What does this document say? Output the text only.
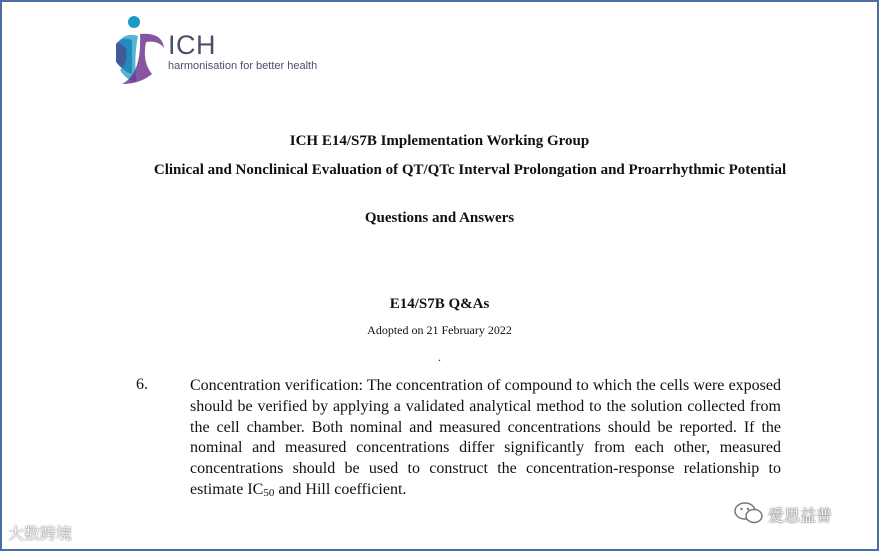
ICH
harmonisation for better health
ICH E14/S7B Implementation Working Group
Clinical and Nonclinical Evaluation of QT/QTc Interval Prolongation and Proarrhythmic Potential
Questions and Answers
E14/S7B Q&As
Adopted on 21 February 2022
.
6.	Concentration verification: The concentration of compound to which the cells were exposed should be verified by applying a validated analytical method to the solution collected from the cell chamber. Both nominal and measured concentrations should be reported. If the nominal and measured concentrations differ significantly from each other, measured concentrations should be used to construct the concentration-response relationship to estimate $IC_{50}$ and Hill coefficient.
大数跨境
爱思益普
